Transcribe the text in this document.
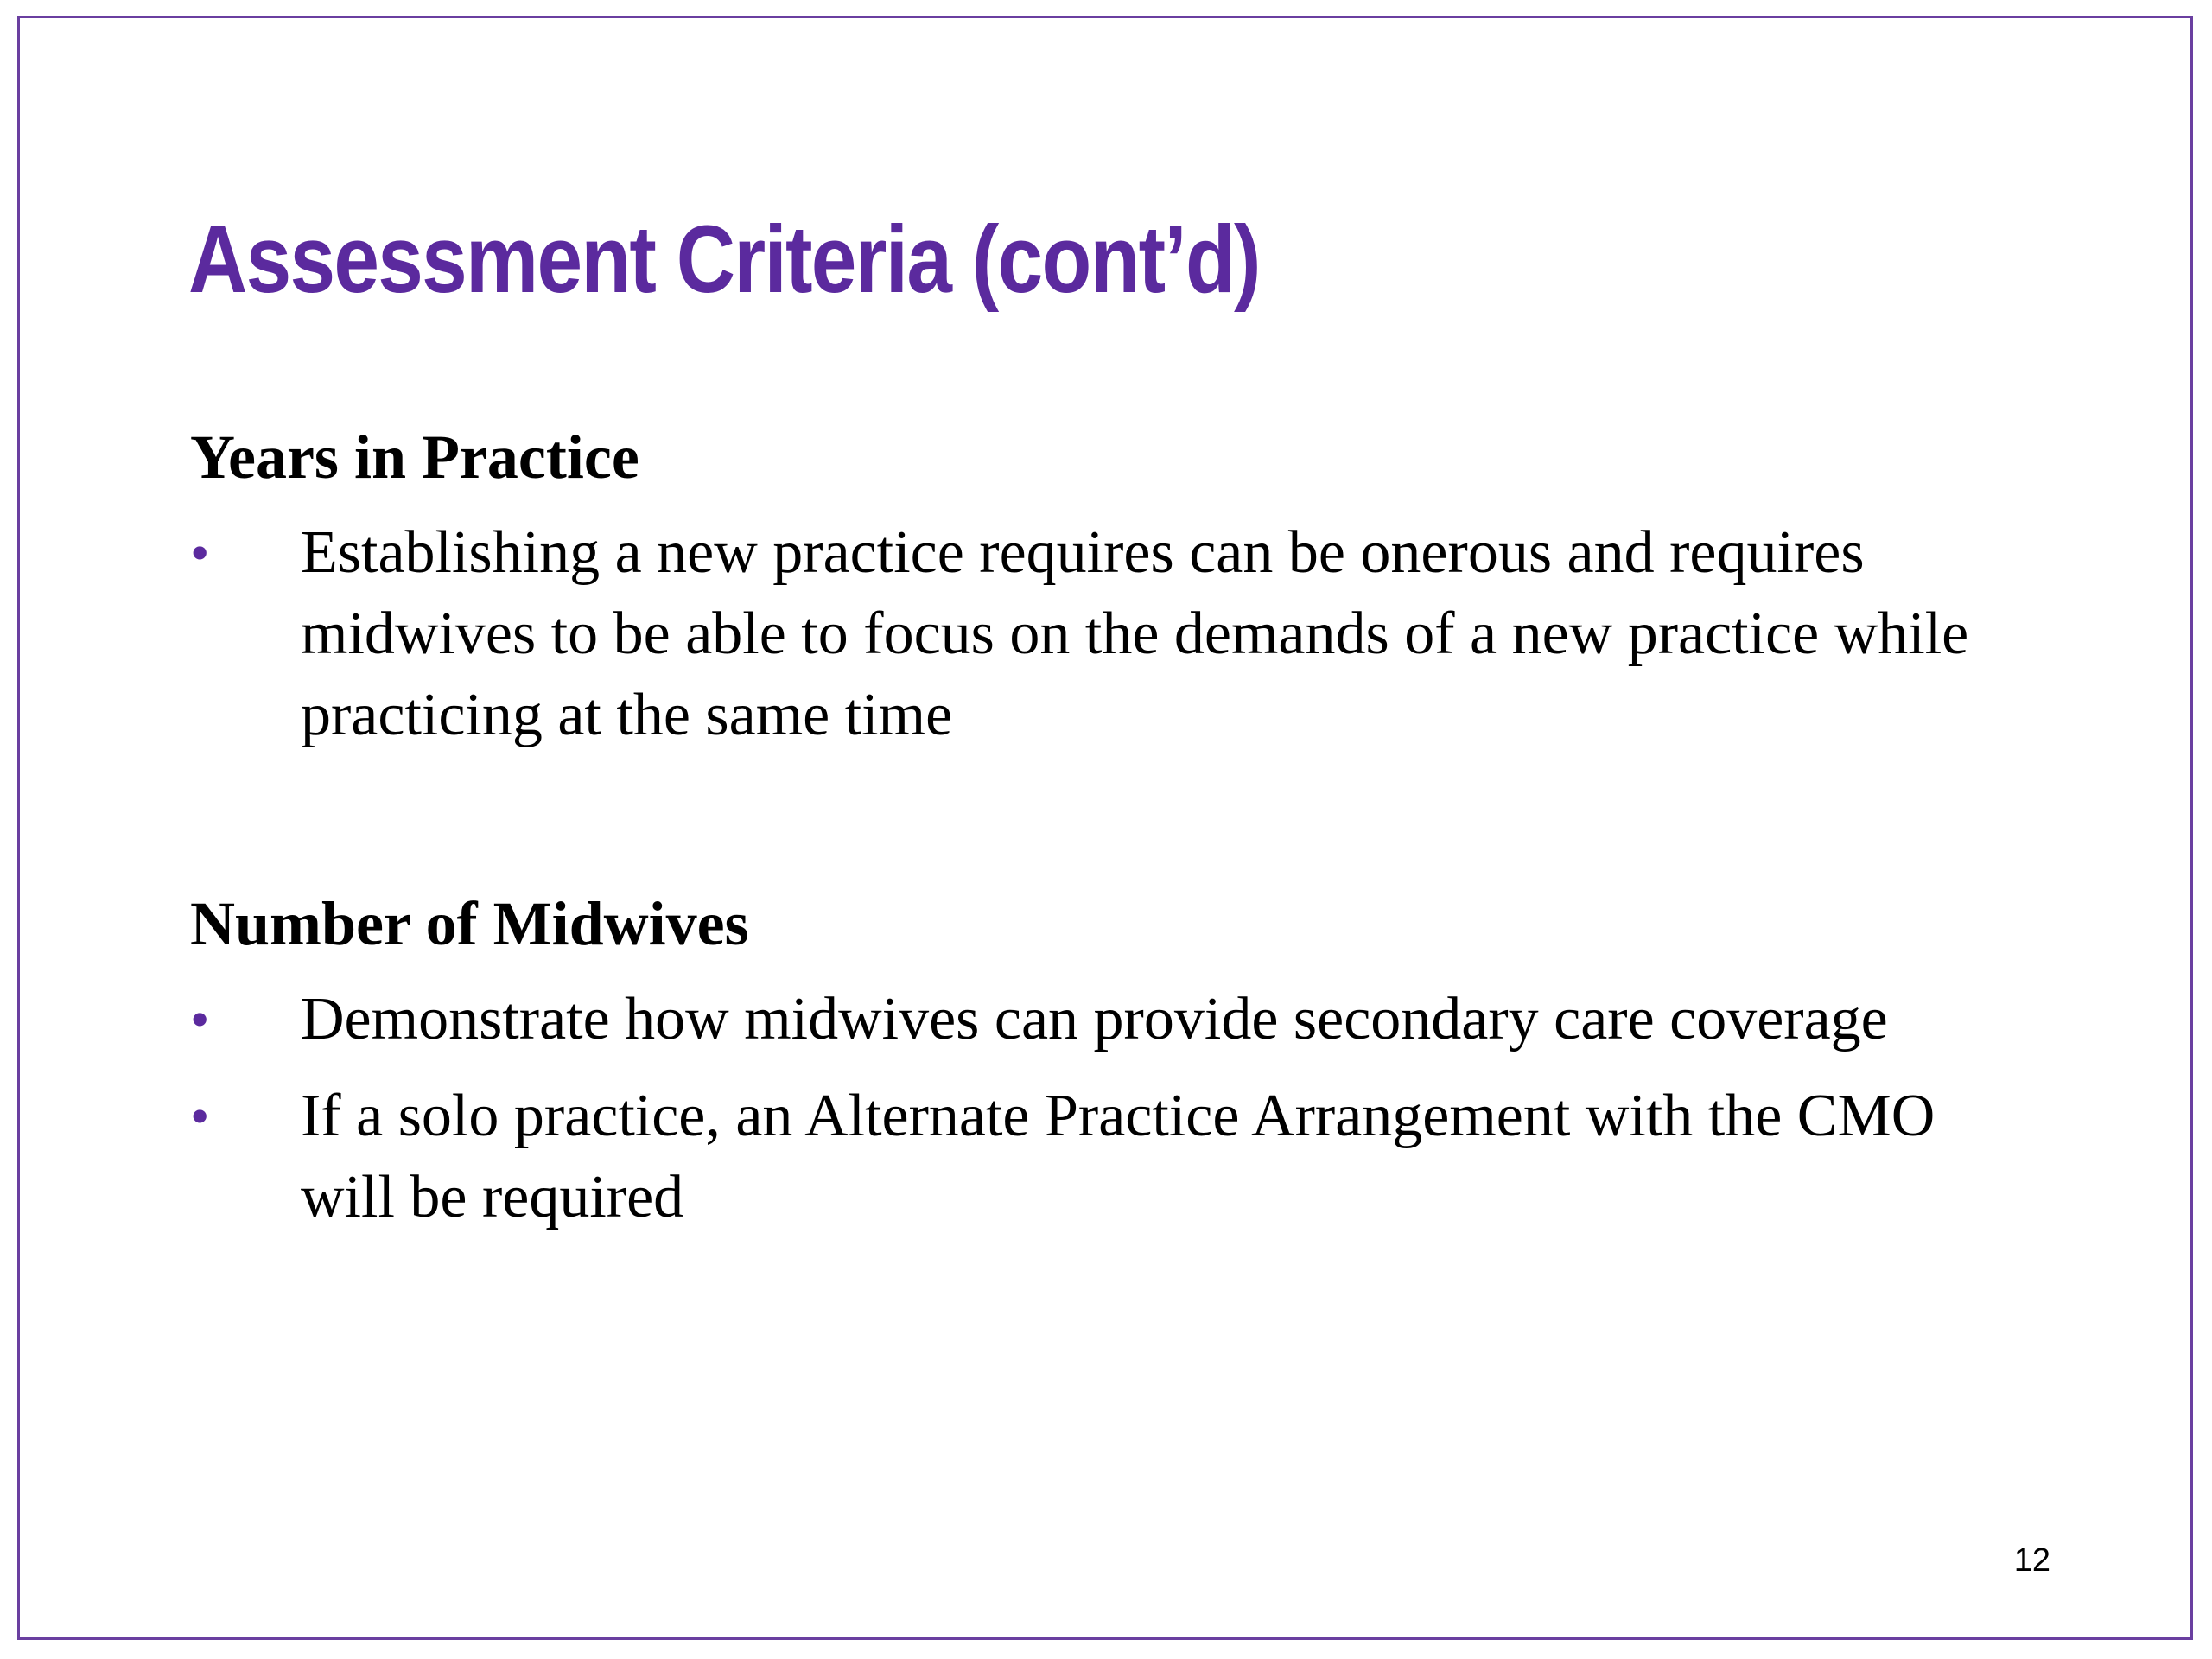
Assessment Criteria (cont’d)
Years in Practice
•	Establishing a new practice requires can be onerous and requires midwives to be able to focus on the demands of a new practice while practicing at the same time
Number of Midwives
•	Demonstrate how midwives can provide secondary care coverage
•	If a solo practice, an Alternate Practice Arrangement with the CMO will be required
12
